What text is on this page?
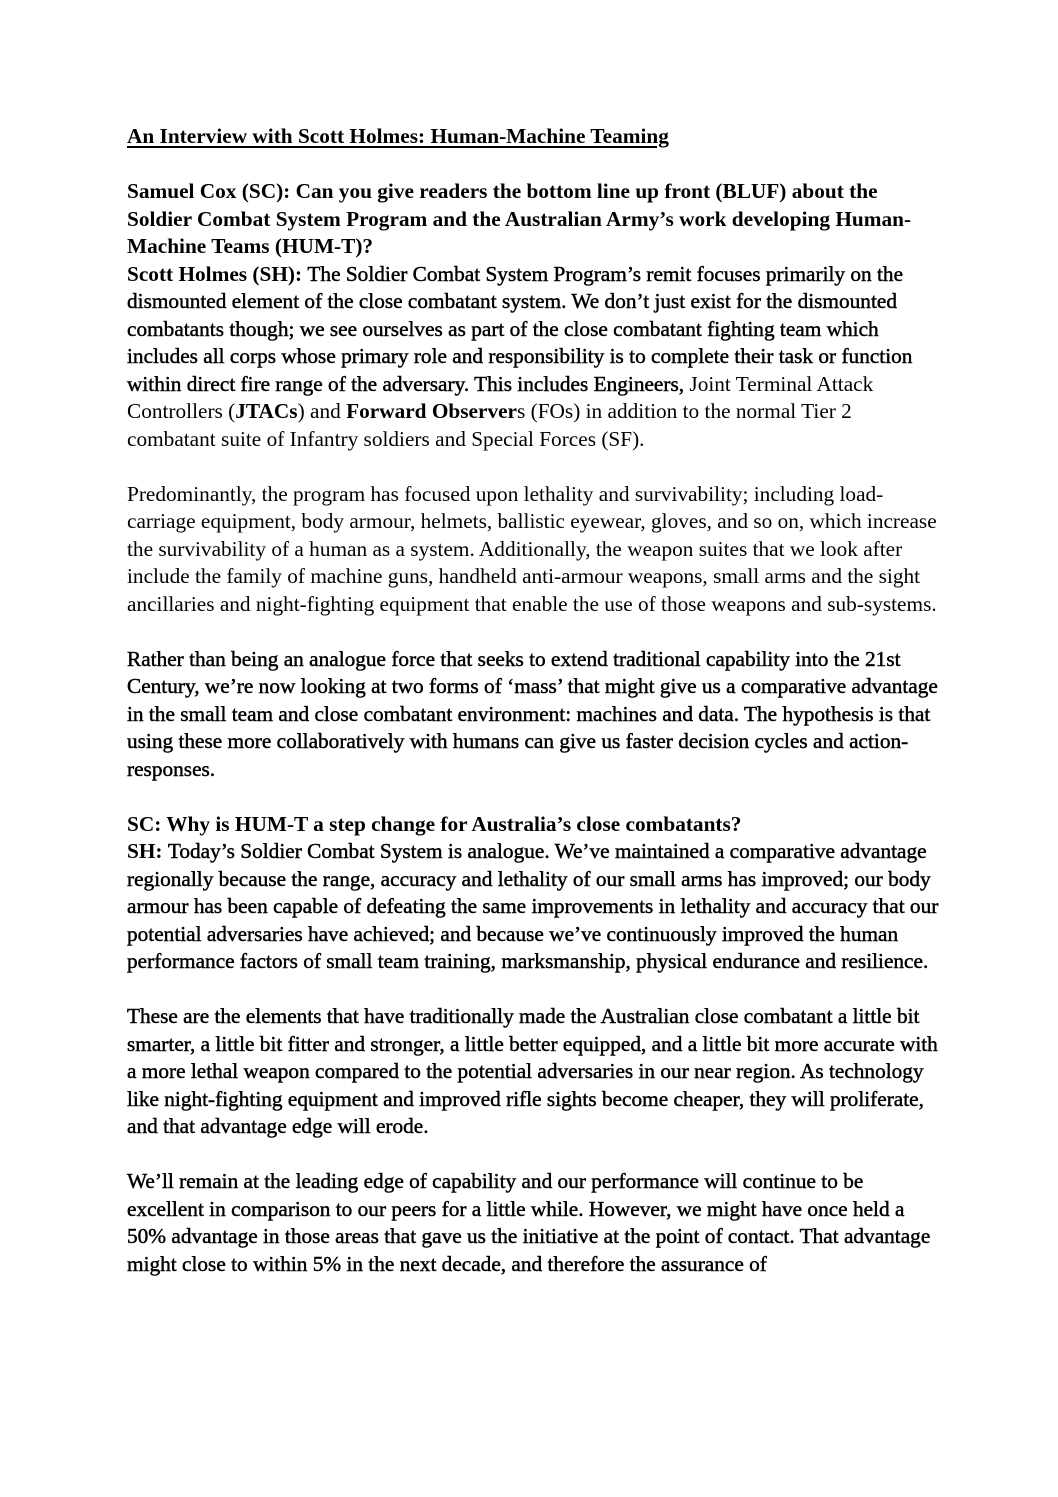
An Interview with Scott Holmes: Human-Machine Teaming

Samuel Cox (SC): Can you give readers the bottom line up front (BLUF) about the Soldier Combat System Program and the Australian Army’s work developing Human-Machine Teams (HUM-T)?

Scott Holmes (SH): The Soldier Combat System Program’s remit focuses primarily on the dismounted element of the close combatant system. We don’t just exist for the dismounted combatants though; we see ourselves as part of the close combatant fighting team which includes all corps whose primary role and responsibility is to complete their task or function within direct fire range of the adversary. This includes Engineers, Joint Terminal Attack Controllers (JTACs) and Forward Observers (FOs) in addition to the normal Tier 2 combatant suite of Infantry soldiers and Special Forces (SF).

Predominantly, the program has focused upon lethality and survivability; including load-carriage equipment, body armour, helmets, ballistic eyewear, gloves, and so on, which increase the survivability of a human as a system. Additionally, the weapon suites that we look after include the family of machine guns, handheld anti-armour weapons, small arms and the sight ancillaries and night-fighting equipment that enable the use of those weapons and sub-systems.

Rather than being an analogue force that seeks to extend traditional capability into the 21st Century, we’re now looking at two forms of ‘mass’ that might give us a comparative advantage in the small team and close combatant environment: machines and data. The hypothesis is that using these more collaboratively with humans can give us faster decision cycles and action-responses.

SC: Why is HUM-T a step change for Australia’s close combatants?

SH: Today’s Soldier Combat System is analogue. We’ve maintained a comparative advantage regionally because the range, accuracy and lethality of our small arms has improved; our body armour has been capable of defeating the same improvements in lethality and accuracy that our potential adversaries have achieved; and because we’ve continuously improved the human performance factors of small team training, marksmanship, physical endurance and resilience.

These are the elements that have traditionally made the Australian close combatant a little bit smarter, a little bit fitter and stronger, a little better equipped, and a little bit more accurate with a more lethal weapon compared to the potential adversaries in our near region. As technology like night-fighting equipment and improved rifle sights become cheaper, they will proliferate, and that advantage edge will erode.

We’ll remain at the leading edge of capability and our performance will continue to be excellent in comparison to our peers for a little while. However, we might have once held a 50% advantage in those areas that gave us the initiative at the point of contact. That advantage might close to within 5% in the next decade, and therefore the assurance of
